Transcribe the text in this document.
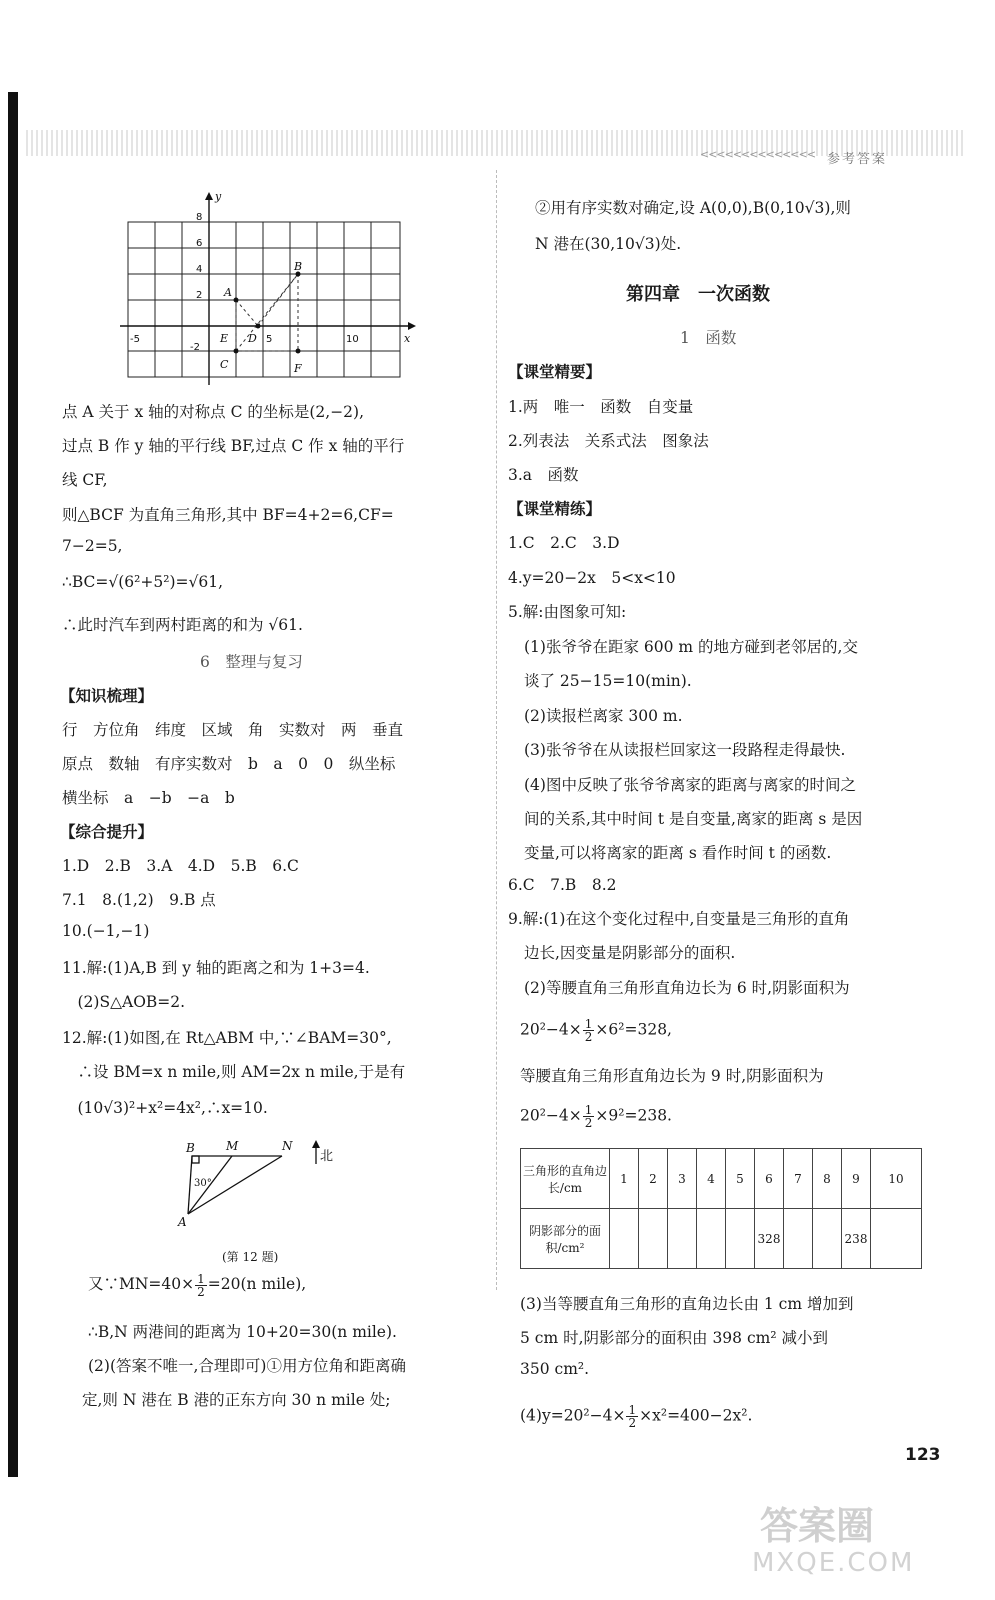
<<<<<<<<<<<<<< 参考答案
y
x
A
B
C
D
E
F
8
6
4
2
-2
-5	5	10
点 A 关于 x 轴的对称点 C 的坐标是(2,−2),
过点 B 作 y 轴的平行线 BF,过点 C 作 x 轴的平行
线 CF,
则△BCF 为直角三角形,其中 BF=4+2=6,CF=
7−2=5,
∴BC=√(6²+5²)=√61,
∴此时汽车到两村距离的和为 √61.
6　整理与复习
【知识梳理】
行　方位角　纬度　区域　角　实数对　两　垂直
原点　数轴　有序实数对　b　a　0　0　纵坐标
横坐标　a　−b　−a　b
【综合提升】
1.D　2.B　3.A　4.D　5.B　6.C
7.1　8.(1,2)　9.B 点
10.(−1,−1)
11.解:(1)A,B 到 y 轴的距离之和为 1+3=4.
　(2)S△AOB=2.
12.解:(1)如图,在 Rt△ABM 中,∵∠BAM=30°,
　∴设 BM=x n mile,则 AM=2x n mile,于是有
　(10√3)²+x²=4x²,∴x=10.
B	M	N
A
30°
北
(第 12 题)
又∵MN=40× $\frac{1}{2} =20(n$ mile),
∴B,N 两港间的距离为 10+20=30(n mile).
(2)(答案不唯一,合理即可)①用方位角和距离确
定,则 N 港在 B 港的正东方向 30 n mile 处;
②用有序实数对确定,设 A(0,0),B(0,10√3),则
N 港在(30,10√3)处.
第四章　一次函数
1　函数
【课堂精要】
1.两　唯一　函数　自变量
2.列表法　关系式法　图象法
3.a　函数
【课堂精练】
1.C　2.C　3.D
4.y=20−2x　5<x<10
5.解:由图象可知:
(1)张爷爷在距家 600 m 的地方碰到老邻居的,交
谈了 25−15=10(min).
(2)读报栏离家 300 m.
(3)张爷爷在从读报栏回家这一段路程走得最快.
(4)图中反映了张爷爷离家的距离与离家的时间之
间的关系,其中时间 t 是自变量,离家的距离 s 是因
变量,可以将离家的距离 s 看作时间 t 的函数.
6.C　7.B　8.2
9.解:(1)在这个变化过程中,自变量是三角形的直角
边长,因变量是阴影部分的面积.
(2)等腰直角三角形直角边长为 6 时,阴影面积为
$20^2-4\times \frac{1}{2} \times 6^2=328$,
等腰直角三角形直角边长为 9 时,阴影面积为
$20^2-4\times \frac{1}{2} \times 9^2=238$.
三角形的直角边长/cm	1	2	3	4	5	6	7	8	9	10
阴影部分的面积/cm²						328			238	
(3)当等腰直角三角形的直角边长由 1 cm 增加到
5 cm 时,阴影部分的面积由 398 cm² 减小到
350 cm².
$(4)y=20^2-4\times \frac{1}{2} \times x^2=400-2x^2$.
123
答案圈
MXQE.COM
